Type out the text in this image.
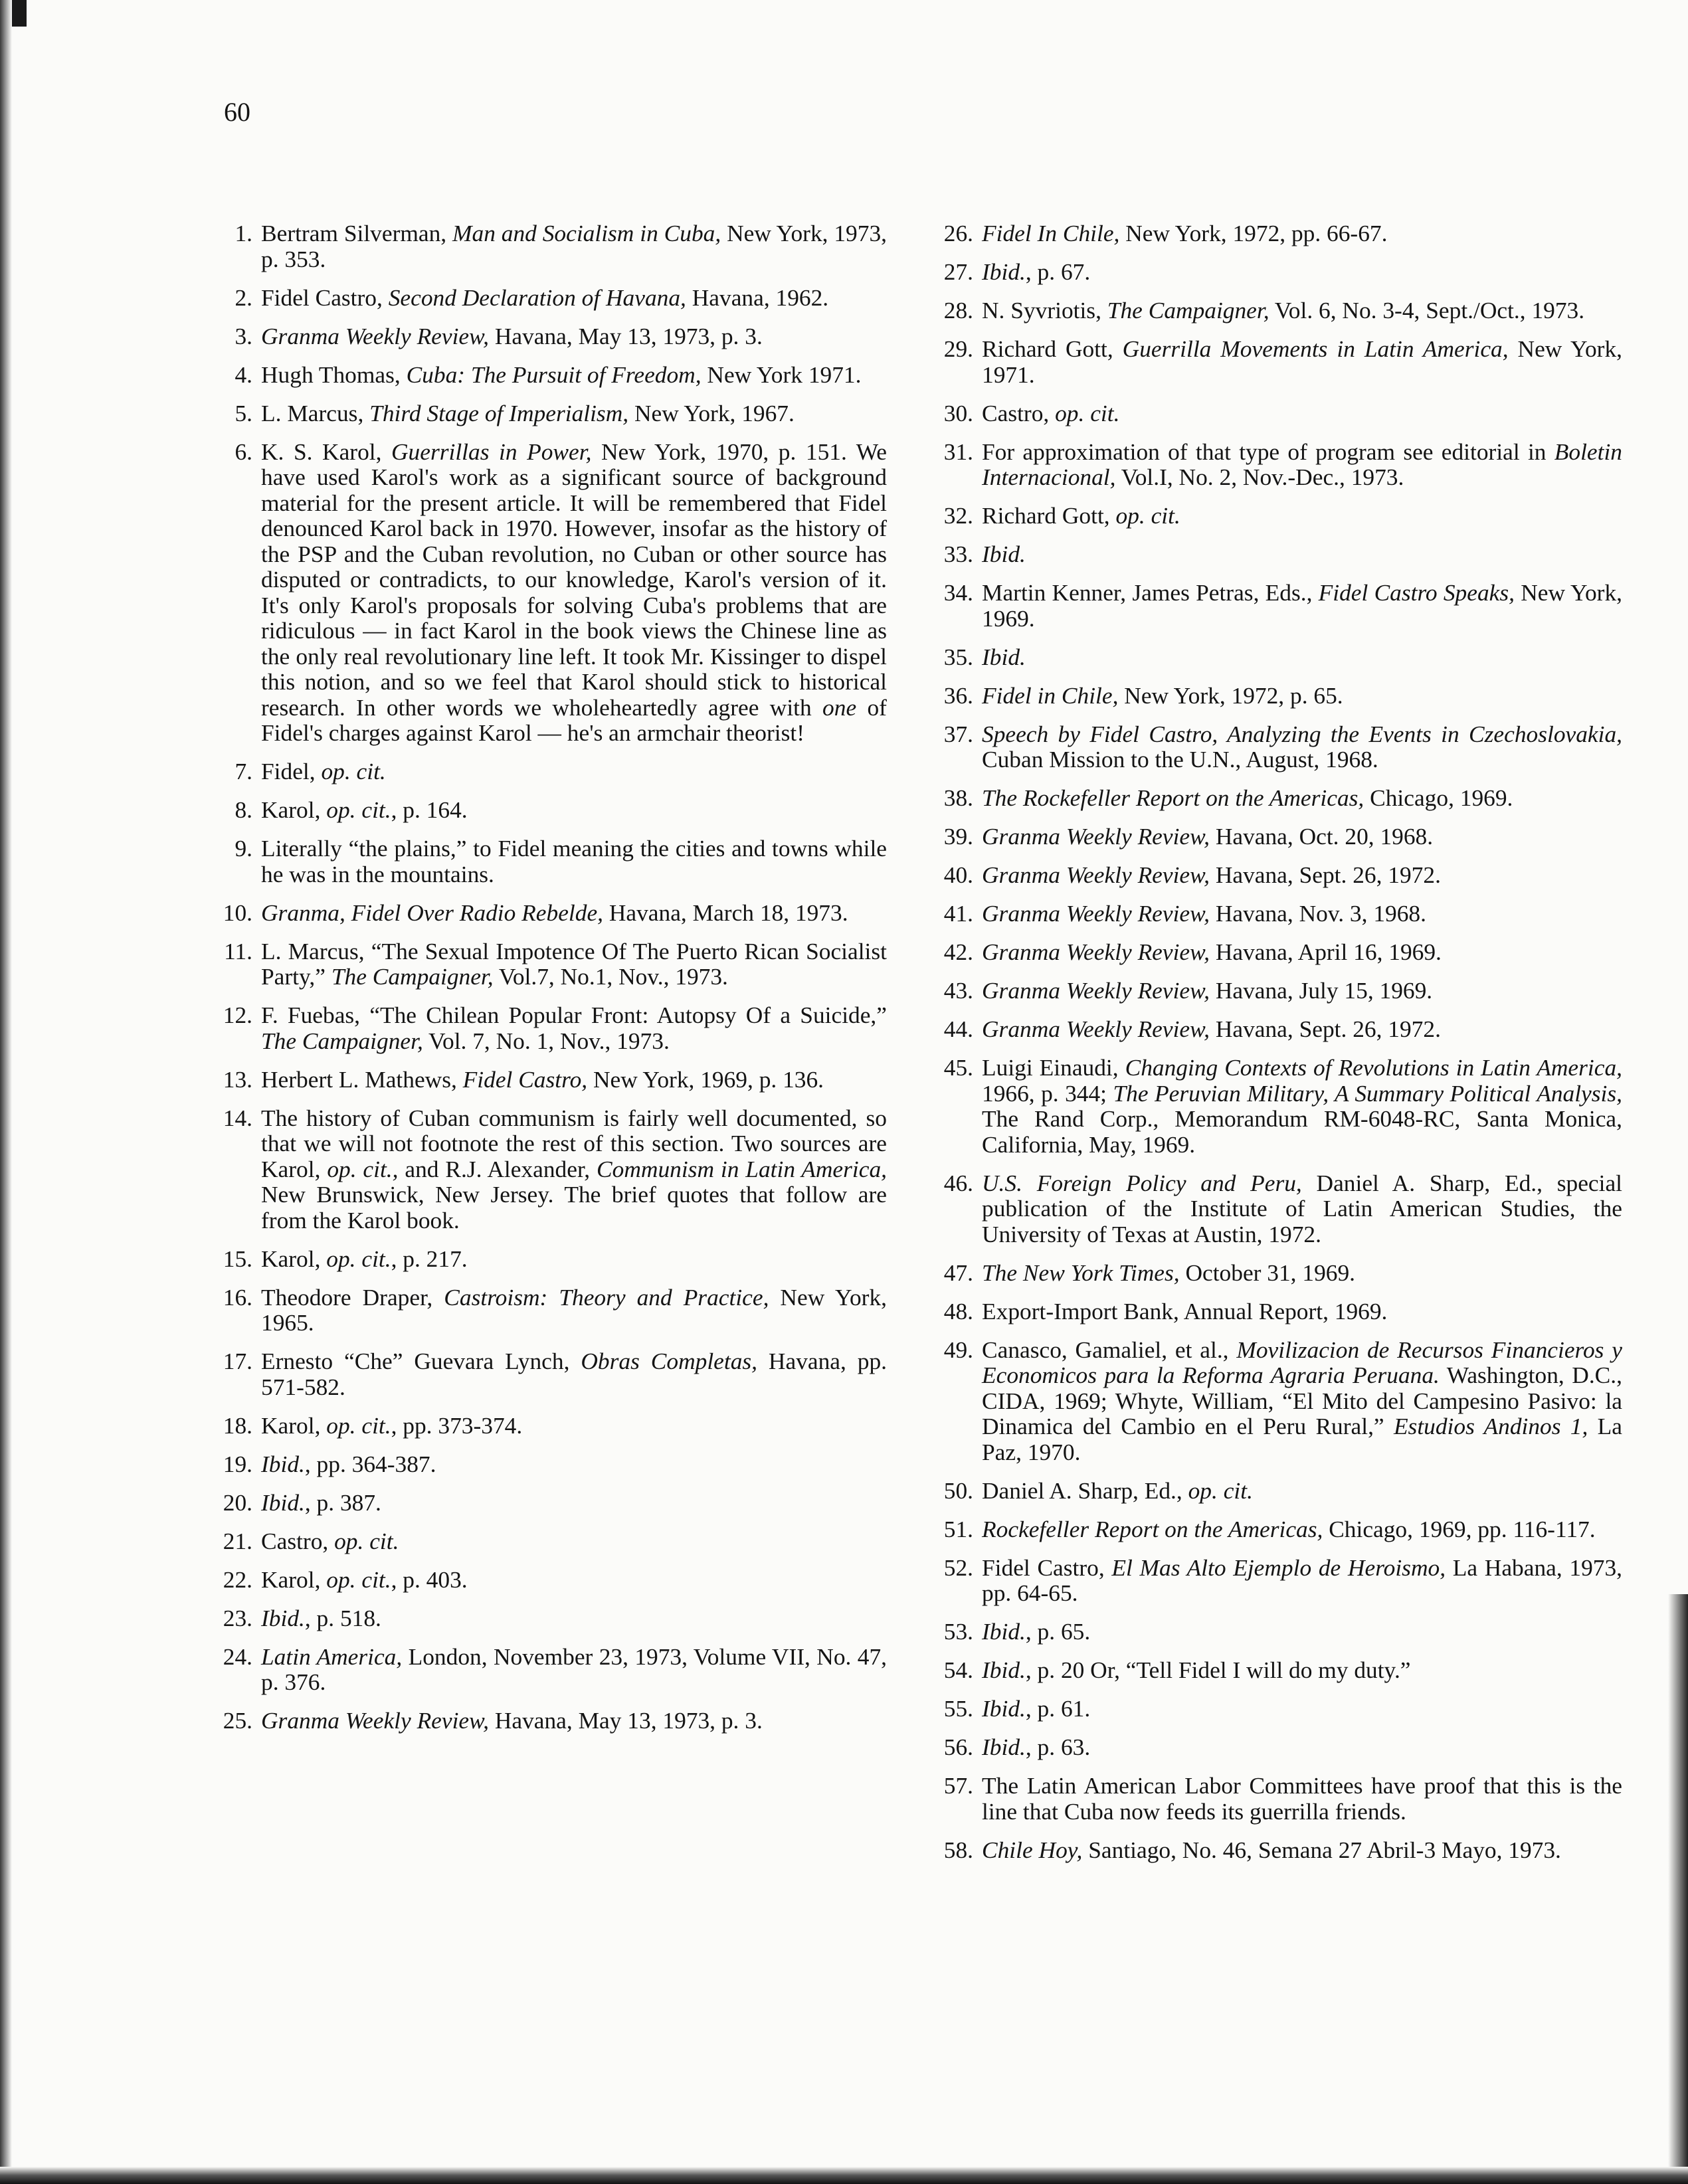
60
1. Bertram Silverman, Man and Socialism in Cuba, New York, 1973, p. 353.
2. Fidel Castro, Second Declaration of Havana, Havana, 1962.
3. Granma Weekly Review, Havana, May 13, 1973, p. 3.
4. Hugh Thomas, Cuba: The Pursuit of Freedom, New York 1971.
5. L. Marcus, Third Stage of Imperialism, New York, 1967.
6. K. S. Karol, Guerrillas in Power, New York, 1970, p. 151. We have used Karol's work as a significant source of background material for the present article. It will be remembered that Fidel denounced Karol back in 1970. However, insofar as the history of the PSP and the Cuban revolution, no Cuban or other source has disputed or contradicts, to our knowledge, Karol's version of it. It's only Karol's proposals for solving Cuba's problems that are ridiculous — in fact Karol in the book views the Chinese line as the only real revolutionary line left. It took Mr. Kissinger to dispel this notion, and so we feel that Karol should stick to historical research. In other words we wholeheartedly agree with one of Fidel's charges against Karol — he's an armchair theorist!
7. Fidel, op. cit.
8. Karol, op. cit., p. 164.
9. Literally “the plains,” to Fidel meaning the cities and towns while he was in the mountains.
10. Granma, Fidel Over Radio Rebelde, Havana, March 18, 1973.
11. L. Marcus, “The Sexual Impotence Of The Puerto Rican Socialist Party,” The Campaigner, Vol.7, No.1, Nov., 1973.
12. F. Fuebas, “The Chilean Popular Front: Autopsy Of a Suicide,” The Campaigner, Vol. 7, No. 1, Nov., 1973.
13. Herbert L. Mathews, Fidel Castro, New York, 1969, p. 136.
14. The history of Cuban communism is fairly well documented, so that we will not footnote the rest of this section. Two sources are Karol, op. cit., and R.J. Alexander, Communism in Latin America, New Brunswick, New Jersey. The brief quotes that follow are from the Karol book.
15. Karol, op. cit., p. 217.
16. Theodore Draper, Castroism: Theory and Practice, New York, 1965.
17. Ernesto “Che” Guevara Lynch, Obras Completas, Havana, pp. 571-582.
18. Karol, op. cit., pp. 373-374.
19. Ibid., pp. 364-387.
20. Ibid., p. 387.
21. Castro, op. cit.
22. Karol, op. cit., p. 403.
23. Ibid., p. 518.
24. Latin America, London, November 23, 1973, Volume VII, No. 47, p. 376.
25. Granma Weekly Review, Havana, May 13, 1973, p. 3.
26. Fidel In Chile, New York, 1972, pp. 66-67.
27. Ibid., p. 67.
28. N. Syvriotis, The Campaigner, Vol. 6, No. 3-4, Sept./Oct., 1973.
29. Richard Gott, Guerrilla Movements in Latin America, New York, 1971.
30. Castro, op. cit.
31. For approximation of that type of program see editorial in Boletin Internacional, Vol.I, No. 2, Nov.-Dec., 1973.
32. Richard Gott, op. cit.
33. Ibid.
34. Martin Kenner, James Petras, Eds., Fidel Castro Speaks, New York, 1969.
35. Ibid.
36. Fidel in Chile, New York, 1972, p. 65.
37. Speech by Fidel Castro, Analyzing the Events in Czechoslovakia, Cuban Mission to the U.N., August, 1968.
38. The Rockefeller Report on the Americas, Chicago, 1969.
39. Granma Weekly Review, Havana, Oct. 20, 1968.
40. Granma Weekly Review, Havana, Sept. 26, 1972.
41. Granma Weekly Review, Havana, Nov. 3, 1968.
42. Granma Weekly Review, Havana, April 16, 1969.
43. Granma Weekly Review, Havana, July 15, 1969.
44. Granma Weekly Review, Havana, Sept. 26, 1972.
45. Luigi Einaudi, Changing Contexts of Revolutions in Latin America, 1966, p. 344; The Peruvian Military, A Summary Political Analysis, The Rand Corp., Memorandum RM-6048-RC, Santa Monica, California, May, 1969.
46. U.S. Foreign Policy and Peru, Daniel A. Sharp, Ed., special publication of the Institute of Latin American Studies, the University of Texas at Austin, 1972.
47. The New York Times, October 31, 1969.
48. Export-Import Bank, Annual Report, 1969.
49. Canasco, Gamaliel, et al., Movilizacion de Recursos Financieros y Economicos para la Reforma Agraria Peruana. Washington, D.C., CIDA, 1969; Whyte, William, “El Mito del Campesino Pasivo: la Dinamica del Cambio en el Peru Rural,” Estudios Andinos 1, La Paz, 1970.
50. Daniel A. Sharp, Ed., op. cit.
51. Rockefeller Report on the Americas, Chicago, 1969, pp. 116-117.
52. Fidel Castro, El Mas Alto Ejemplo de Heroismo, La Habana, 1973, pp. 64-65.
53. Ibid., p. 65.
54. Ibid., p. 20 Or, “Tell Fidel I will do my duty.”
55. Ibid., p. 61.
56. Ibid., p. 63.
57. The Latin American Labor Committees have proof that this is the line that Cuba now feeds its guerrilla friends.
58. Chile Hoy, Santiago, No. 46, Semana 27 Abril-3 Mayo, 1973.
